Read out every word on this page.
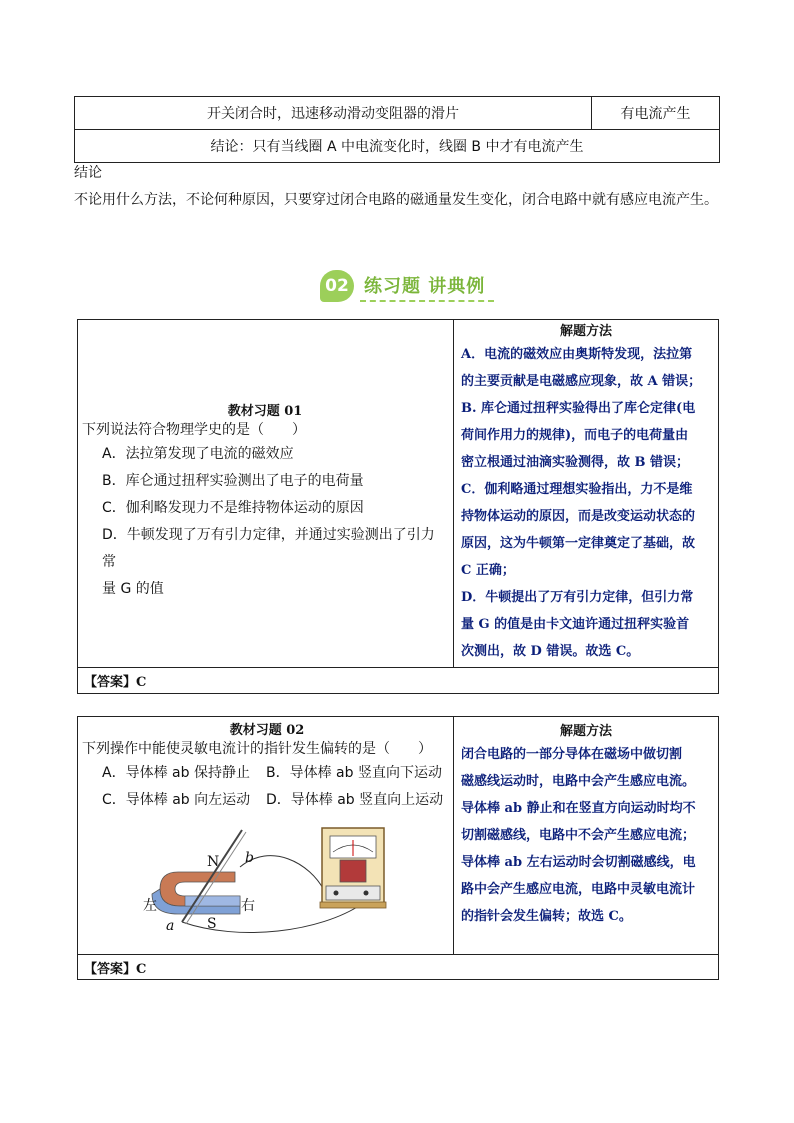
开关闭合时，迅速移动滑动变阻器的滑片	有电流产生
结论：只有当线圈 A 中电流变化时，线圈 B 中才有电流产生
结论
不论用什么方法，不论何种原因，只要穿过闭合电路的磁通量发生变化，闭合电路中就有感应电流产生。
02 练习题 讲典例
教材习题 01
下列说法符合物理学史的是（　　）
A．法拉第发现了电流的磁效应
B．库仑通过扭秤实验测出了电子的电荷量
C．伽利略发现力不是维持物体运动的原因
D．牛顿发现了万有引力定律，并通过实验测出了引力常
量 G 的值
解题方法
A．电流的磁效应由奥斯特发现，法拉第
的主要贡献是电磁感应现象，故 A 错误；
B. 库仑通过扭秤实验得出了库仑定律(电
荷间作用力的规律)，而电子的电荷量由
密立根通过油滴实验测得，故 B 错误；
C．伽利略通过理想实验指出，力不是维
持物体运动的原因，而是改变运动状态的
原因，这为牛顿第一定律奠定了基础，故
C 正确；
D．牛顿提出了万有引力定律，但引力常
量 G 的值是由卡文迪许通过扭秤实验首
次测出，故 D 错误。故选 C。
【答案】C
教材习题 02
下列操作中能使灵敏电流计的指针发生偏转的是（　　）
A．导体棒 ab 保持静止 B．导体棒 ab 竖直向下运动
C．导体棒 ab 向左运动 D．导体棒 ab 竖直向上运动
N
S
左	右
a
b
解题方法
闭合电路的一部分导体在磁场中做切割
磁感线运动时，电路中会产生感应电流。
导体棒 ab 静止和在竖直方向运动时均不
切割磁感线，电路中不会产生感应电流；
导体棒 ab 左右运动时会切割磁感线，电
路中会产生感应电流，电路中灵敏电流计
的指针会发生偏转；故选 C。
【答案】C
